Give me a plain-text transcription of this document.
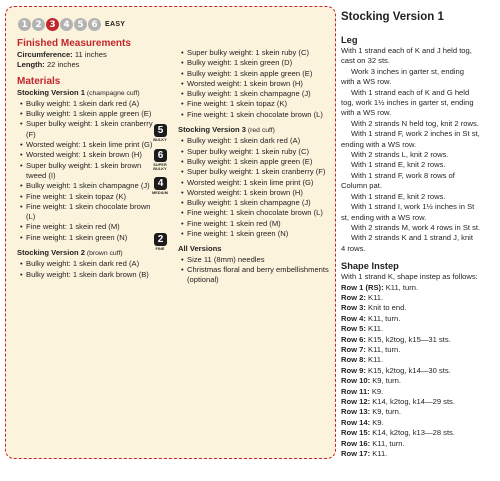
1 2 3 4 5 6	EASY
Finished Measurements
Circumference: 11 inches
Length: 22 inches
Materials
Stocking Version 1 (champagne cuff)
• Bulky weight: 1 skein dark red (A)
• Bulky weight: 1 skein apple green (E)
• Super bulky weight: 1 skein cranberry (F)
• Worsted weight: 1 skein lime print (G)
• Worsted weight: 1 skein brown (H)
• Super bulky weight: 1 skein brown tweed (I)
• Bulky weight: 1 skein champagne (J)
• Fine weight: 1 skein topaz (K)
• Fine weight: 1 skein chocolate brown (L)
• Fine weight: 1 skein red (M)
• Fine weight: 1 skein green (N)
Stocking Version 2 (brown cuff)
• Bulky weight: 1 skein dark red (A)
• Bulky weight: 1 skein dark brown (B)
5
BULKY
6
SUPER BULKY
4
MEDIUM
2
FINE
• Super bulky weight: 1 skein ruby (C)
• Bulky weight: 1 skein green (D)
• Bulky weight: 1 skein apple green (E)
• Worsted weight: 1 skein brown (H)
• Bulky weight: 1 skein champagne (J)
• Fine weight: 1 skein topaz (K)
• Fine weight: 1 skein chocolate brown (L)
Stocking Version 3 (red cuff)
• Bulky weight: 1 skein dark red (A)
• Super bulky weight: 1 skein ruby (C)
• Bulky weight: 1 skein apple green (E)
• Super bulky weight: 1 skein cranberry (F)
• Worsted weight: 1 skein lime print (G)
• Worsted weight: 1 skein brown (H)
• Bulky weight: 1 skein champagne (J)
• Fine weight: 1 skein chocolate brown (L)
• Fine weight: 1 skein red (M)
• Fine weight: 1 skein green (N)
All Versions
• Size 11 (8mm) needles
• Christmas floral and berry embellishments (optional)
Stocking Version 1
Leg
With 1 strand each of K and J held tog,
cast on 32 sts.
Work 3 inches in garter st, ending
with a WS row.
With 1 strand each of K and G held
tog, work 1½ inches in garter st, ending
with a WS row.
With 2 strands N held tog, knit 2 rows.
With 1 strand F, work 2 inches in St st,
ending with a WS row.
With 2 strands L, knit 2 rows.
With 1 strand E, knit 2 rows.
With 1 strand F, work 8 rows of
Column pat.
With 1 strand E, knit 2 rows.
With 1 strand I, work 1½ inches in St
st, ending with a WS row.
With 2 strands M, work 4 rows in St st.
With 2 strands K and 1 strand J, knit
4 rows.
Shape Instep
With 1 strand K, shape instep as follows:
Row 1 (RS): K11, turn.
Row 2: K11.
Row 3: Knit to end.
Row 4: K11, turn.
Row 5: K11.
Row 6: K15, k2tog, k15—31 sts.
Row 7: K11, turn.
Row 8: K11.
Row 9: K15, k2tog, k14—30 sts.
Row 10: K9, turn.
Row 11: K9.
Row 12: K14, k2tog, k14—29 sts.
Row 13: K9, turn.
Row 14: K9.
Row 15: K14, k2tog, k13—28 sts.
Row 16: K11, turn.
Row 17: K11.
